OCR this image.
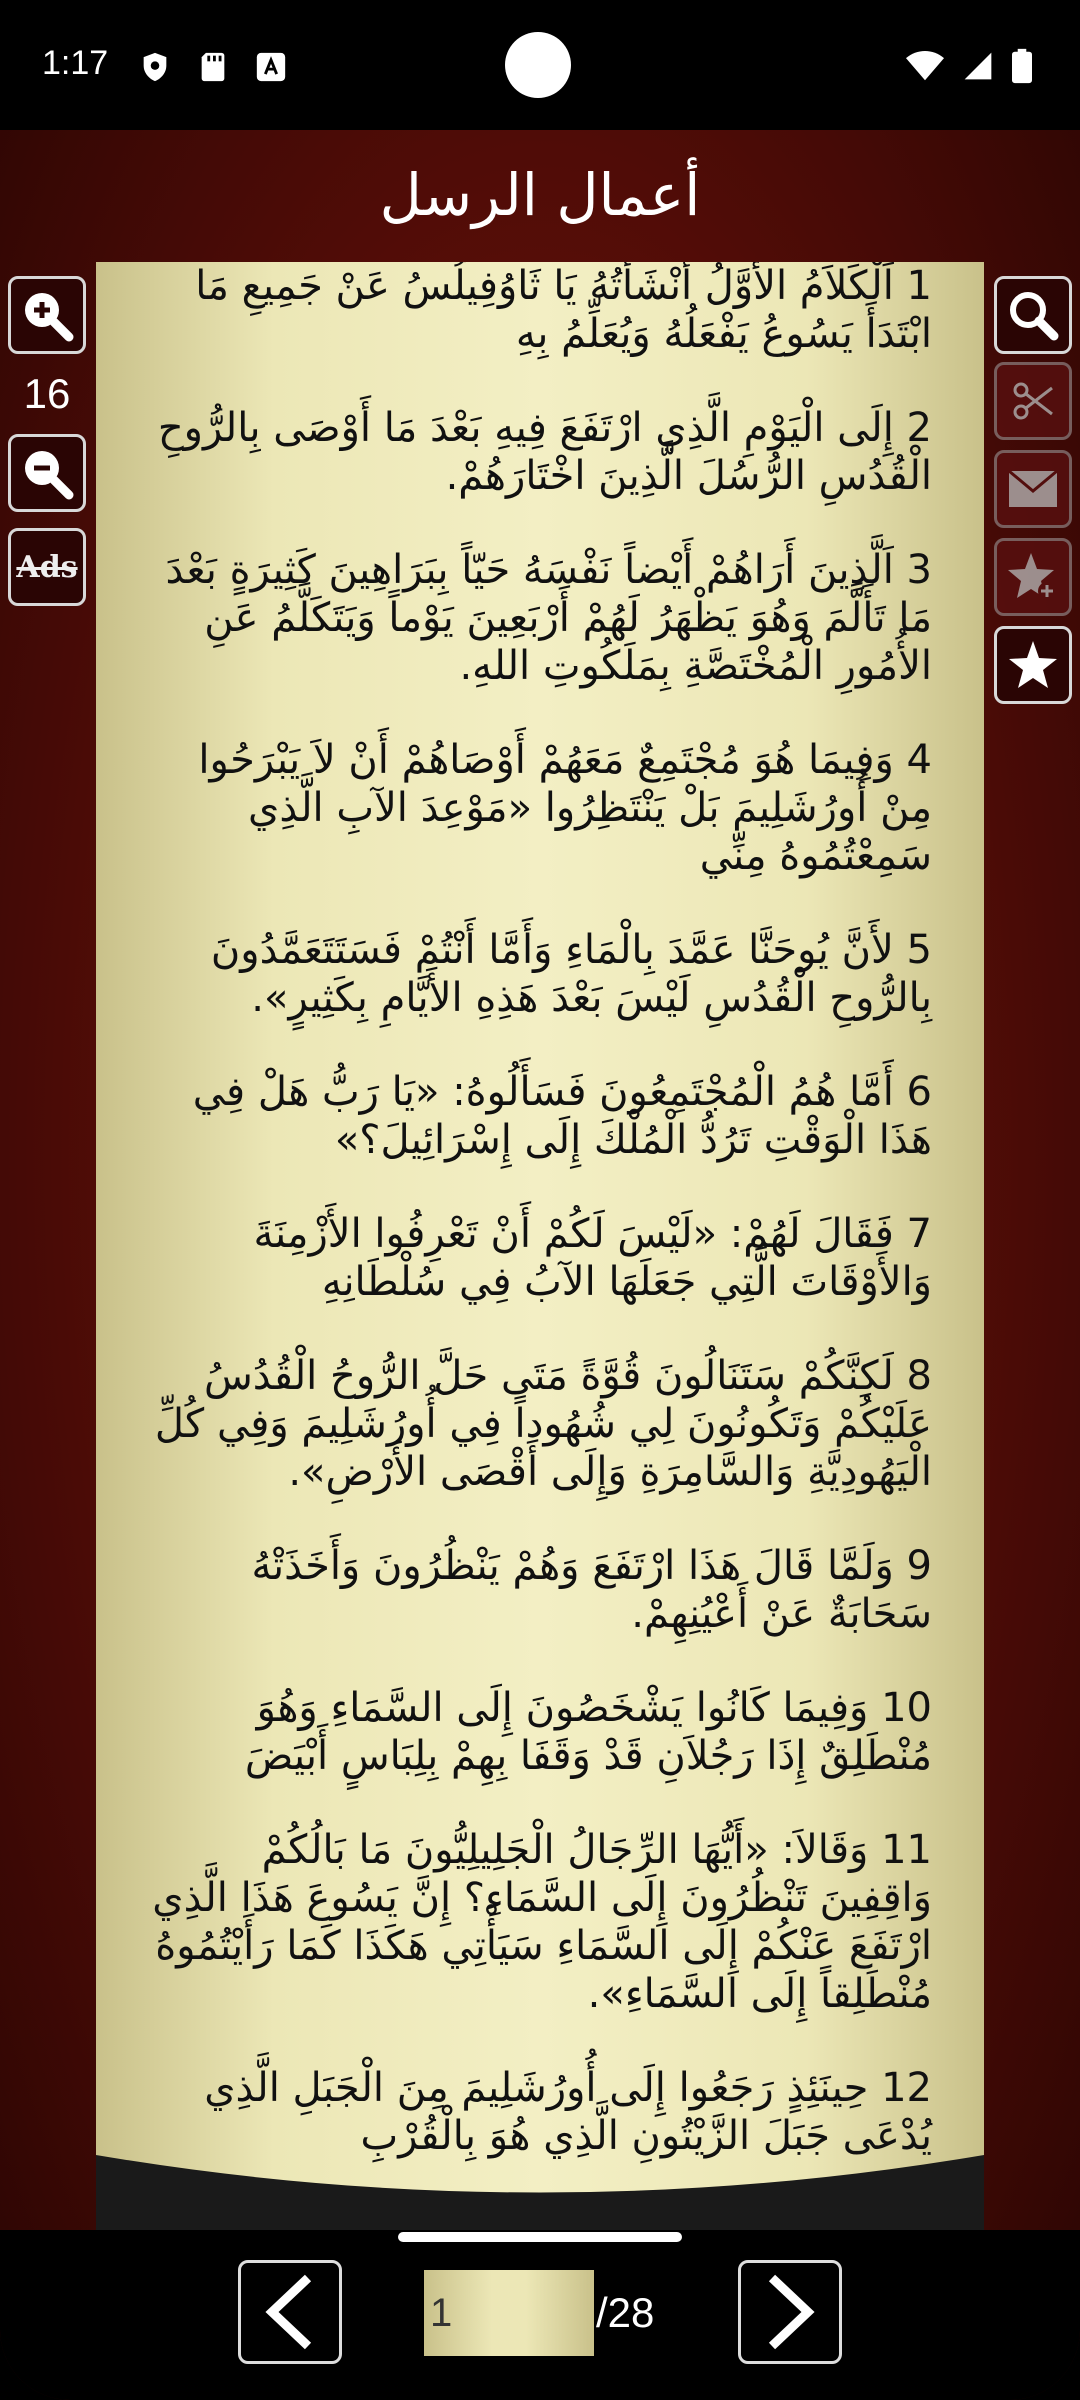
1:17
أعمال الرسل
16
Ads
1 اَلْكَلاَمُ الأَوَّلُ أَنْشَأْتُهُ يَا ثَاوُفِيلُسُ عَنْ جَمِيعِ مَا ابْتَدَأَ يَسُوعُ يَفْعَلُهُ وَيُعَلِّمُ بِهِ
2 إِلَى الْيَوْمِ الَّذِي ارْتَفَعَ فِيهِ بَعْدَ مَا أَوْصَى بِالرُّوحِ الْقُدُسِ الرُّسُلَ الَّذِينَ اخْتَارَهُمْ.
3 اَلَّذِينَ أَرَاهُمْ أَيْضاً نَفْسَهُ حَيّاً بِبَرَاهِينَ كَثِيرَةٍ بَعْدَ مَا تَأَلَّمَ وَهُوَ يَظْهَرُ لَهُمْ أَرْبَعِينَ يَوْماً وَيَتَكَلَّمُ عَنِ الأُمُورِ الْمُخْتَصَّةِ بِمَلَكُوتِ اللهِ.
4 وَفِيمَا هُوَ مُجْتَمِعٌ مَعَهُمْ أَوْصَاهُمْ أَنْ لاَ يَبْرَحُوا مِنْ أُورُشَلِيمَ بَلْ يَنْتَظِرُوا «مَوْعِدَ الآبِ الَّذِي سَمِعْتُمُوهُ مِنِّي
5 لأَنَّ يُوحَنَّا عَمَّدَ بِالْمَاءِ وَأَمَّا أَنْتُمْ فَسَتَتَعَمَّدُونَ بِالرُّوحِ الْقُدُسِ لَيْسَ بَعْدَ هَذِهِ الأَيَّامِ بِكَثِيرٍ».
6 أَمَّا هُمُ الْمُجْتَمِعُونَ فَسَأَلُوهُ: «يَا رَبُّ هَلْ فِي هَذَا الْوَقْتِ تَرُدُّ الْمُلْكَ إِلَى إِسْرَائِيلَ؟»
7 فَقَالَ لَهُمْ: «لَيْسَ لَكُمْ أَنْ تَعْرِفُوا الأَزْمِنَةَ وَالأَوْقَاتَ الَّتِي جَعَلَهَا الآبُ فِي سُلْطَانِهِ
8 لَكِنَّكُمْ سَتَنَالُونَ قُوَّةً مَتَى حَلَّ الرُّوحُ الْقُدُسُ عَلَيْكُمْ وَتَكُونُونَ لِي شُهُوداً فِي أُورُشَلِيمَ وَفِي كُلِّ الْيَهُودِيَّةِ وَالسَّامِرَةِ وَإِلَى أَقْصَى الأَرْضِ».
9 وَلَمَّا قَالَ هَذَا ارْتَفَعَ وَهُمْ يَنْظُرُونَ وَأَخَذَتْهُ سَحَابَةٌ عَنْ أَعْيُنِهِمْ.
10 وَفِيمَا كَانُوا يَشْخَصُونَ إِلَى السَّمَاءِ وَهُوَ مُنْطَلِقٌ إِذَا رَجُلاَنِ قَدْ وَقَفَا بِهِمْ بِلِبَاسٍ أَبْيَضَ
11 وَقَالاَ: «أَيُّهَا الرِّجَالُ الْجَلِيلِيُّونَ مَا بَالُكُمْ وَاقِفِينَ تَنْظُرُونَ إِلَى السَّمَاءِ؟ إِنَّ يَسُوعَ هَذَا الَّذِي ارْتَفَعَ عَنْكُمْ إِلَى السَّمَاءِ سَيَأْتِي هَكَذَا كَمَا رَأَيْتُمُوهُ مُنْطَلِقاً إِلَى السَّمَاءِ».
12 حِينَئِذٍ رَجَعُوا إِلَى أُورُشَلِيمَ مِنَ الْجَبَلِ الَّذِي يُدْعَى جَبَلَ الزَّيْتُونِ الَّذِي هُوَ بِالْقُرْبِ
1	/28
